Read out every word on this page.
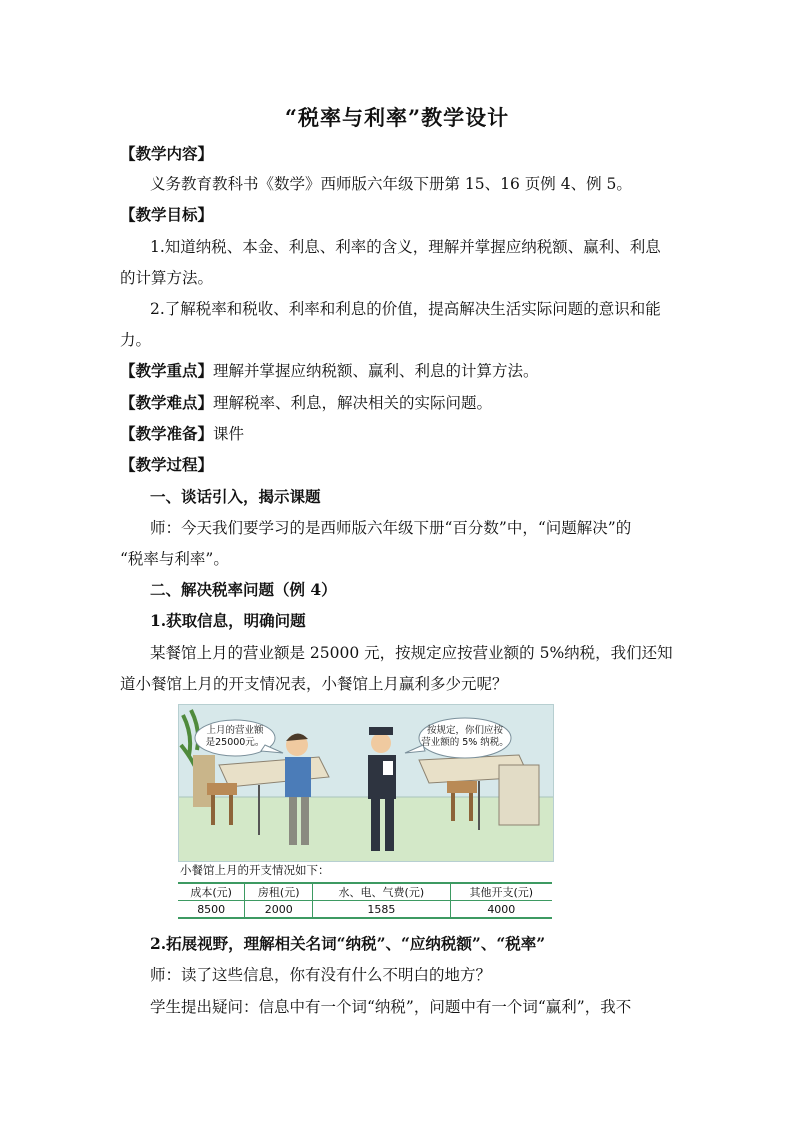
“税率与利率”教学设计
【教学内容】
义务教育教科书《数学》西师版六年级下册第 15、16 页例 4、例 5。
【教学目标】
1.知道纳税、本金、利息、利率的含义，理解并掌握应纳税额、赢利、利息
的计算方法。
2.了解税率和税收、利率和利息的价值，提高解决生活实际问题的意识和能
力。
【教学重点】理解并掌握应纳税额、赢利、利息的计算方法。
【教学难点】理解税率、利息，解决相关的实际问题。
【教学准备】课件
【教学过程】
一、谈话引入，揭示课题
师：今天我们要学习的是西师版六年级下册“百分数”中，“问题解决”的
“税率与利率”。
二、解决税率问题（例 4）
1.获取信息，明确问题
某餐馆上月的营业额是 25000 元，按规定应按营业额的 5%纳税，我们还知
道小餐馆上月的开支情况表，小餐馆上月赢利多少元呢？
上月的营业额
是25000元。
按规定，你们应按
营业额的 5% 纳税。
小餐馆上月的开支情况如下：
成本(元)	房租(元)	水、电、气费(元)	其他开支(元)
8500	2000	1585	4000
2.拓展视野，理解相关名词“纳税”、“应纳税额”、“税率”
师：读了这些信息，你有没有什么不明白的地方？
学生提出疑问：信息中有一个词“纳税”，问题中有一个词“赢利”，我不
